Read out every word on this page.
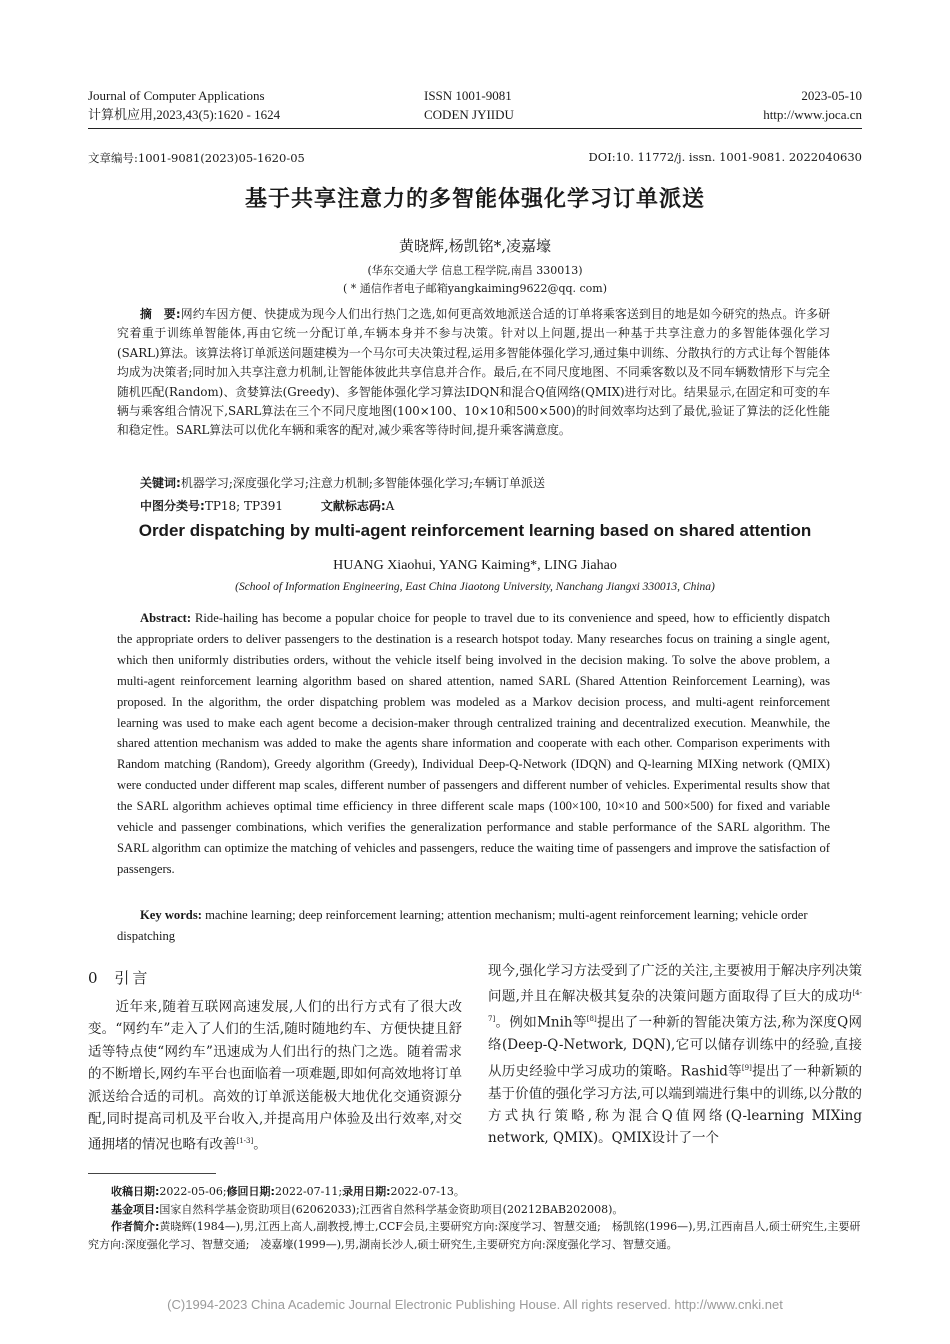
Journal of Computer Applications
计算机应用,2023,43(5):1620 - 1624
ISSN 1001-9081
CODEN JYIIDU
2023-05-10
http://www.joca.cn
文章编号:1001-9081(2023)05-1620-05	DOI:10. 11772/j. issn. 1001-9081. 2022040630
基于共享注意力的多智能体强化学习订单派送
黄晓辉,杨凯铭*,凌嘉壕
(华东交通大学 信息工程学院,南昌 330013)
( * 通信作者电子邮箱yangkaiming9622@qq. com)
摘　要:网约车因方便、快捷成为现今人们出行热门之选,如何更高效地派送合适的订单将乘客送到目的地是如今研究的热点。许多研究着重于训练单智能体,再由它统一分配订单,车辆本身并不参与决策。针对以上问题,提出一种基于共享注意力的多智能体强化学习(SARL)算法。该算法将订单派送问题建模为一个马尔可夫决策过程,运用多智能体强化学习,通过集中训练、分散执行的方式让每个智能体均成为决策者;同时加入共享注意力机制,让智能体彼此共享信息并合作。最后,在不同尺度地图、不同乘客数以及不同车辆数情形下与完全随机匹配(Random)、贪婪算法(Greedy)、多智能体强化学习算法IDQN和混合Q值网络(QMIX)进行对比。结果显示,在固定和可变的车辆与乘客组合情况下,SARL算法在三个不同尺度地图(100×100、10×10和500×500)的时间效率均达到了最优,验证了算法的泛化性能和稳定性。SARL算法可以优化车辆和乘客的配对,减少乘客等待时间,提升乘客满意度。
关键词:机器学习;深度强化学习;注意力机制;多智能体强化学习;车辆订单派送
中图分类号:TP18; TP391	文献标志码:A
Order dispatching by multi-agent reinforcement learning based on shared attention
HUANG Xiaohui, YANG Kaiming*, LING Jiahao
(School of Information Engineering, East China Jiaotong University, Nanchang Jiangxi 330013, China)
Abstract: Ride-hailing has become a popular choice for people to travel due to its convenience and speed, how to efficiently dispatch the appropriate orders to deliver passengers to the destination is a research hotspot today. Many researches focus on training a single agent, which then uniformly distributies orders, without the vehicle itself being involved in the decision making. To solve the above problem, a multi-agent reinforcement learning algorithm based on shared attention, named SARL (Shared Attention Reinforcement Learning), was proposed. In the algorithm, the order dispatching problem was modeled as a Markov decision process, and multi-agent reinforcement learning was used to make each agent become a decision-maker through centralized training and decentralized execution. Meanwhile, the shared attention mechanism was added to make the agents share information and cooperate with each other. Comparison experiments with Random matching (Random), Greedy algorithm (Greedy), Individual Deep-Q-Network (IDQN) and Q-learning MIXing network (QMIX) were conducted under different map scales, different number of passengers and different number of vehicles. Experimental results show that the SARL algorithm achieves optimal time efficiency in three different scale maps (100×100, 10×10 and 500×500) for fixed and variable vehicle and passenger combinations, which verifies the generalization performance and stable performance of the SARL algorithm. The SARL algorithm can optimize the matching of vehicles and passengers, reduce the waiting time of passengers and improve the satisfaction of passengers.
Key words: machine learning; deep reinforcement learning; attention mechanism; multi-agent reinforcement learning; vehicle order dispatching
0 引言
近年来,随着互联网高速发展,人们的出行方式有了很大改变。“网约车”走入了人们的生活,随时随地约车、方便快捷且舒适等特点使“网约车”迅速成为人们出行的热门之选。随着需求的不断增长,网约车平台也面临着一项难题,即如何高效地将订单派送给合适的司机。高效的订单派送能极大地优化交通资源分配,同时提高司机及平台收入,并提高用户体验及出行效率,对交通拥堵的情况也略有改善[1-3]。
现今,强化学习方法受到了广泛的关注,主要被用于解决序列决策问题,并且在解决极其复杂的决策问题方面取得了巨大的成功[4-7]。例如Mnih等[8]提出了一种新的智能决策方法,称为深度Q网络(Deep-Q-Network, DQN),它可以储存训练中的经验,直接从历史经验中学习成功的策略。Rashid等[9]提出了一种新颖的基于价值的强化学习方法,可以端到端进行集中的训练,以分散的方式执行策略,称为混合Q值网络(Q-learning MIXing network, QMIX)。QMIX设计了一个
收稿日期:2022-05-06;修回日期:2022-07-11;录用日期:2022-07-13。
基金项目:国家自然科学基金资助项目(62062033);江西省自然科学基金资助项目(20212BAB202008)。
作者简介:黄晓辉(1984—),男,江西上高人,副教授,博士,CCF会员,主要研究方向:深度学习、智慧交通;　杨凯铭(1996—),男,江西南昌人,硕士研究生,主要研究方向:深度强化学习、智慧交通;　凌嘉壕(1999—),男,湖南长沙人,硕士研究生,主要研究方向:深度强化学习、智慧交通。
(C)1994-2023 China Academic Journal Electronic Publishing House. All rights reserved. http://www.cnki.net
